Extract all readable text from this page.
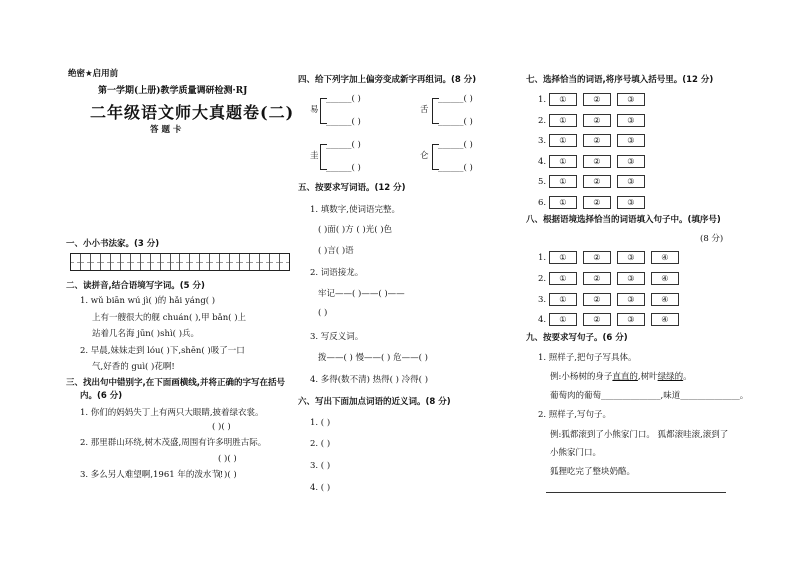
绝密★启用前
第一学期(上册)教学质量调研检测·RJ
二年级语文师大真题卷(二)
答 题 卡
一、小小书法家。(3 分)
二、读拼音,结合语境写字词。(5 分)
1. wǔ biān wú jì( )的 hǎi yáng( )
上有一艘很大的舰 chuán( ),甲 bǎn( )上
站着几名海 jūn( )shì( )兵。
2. 早晨,妹妹走到 lóu( )下,shēn( )吸了一口
气,好香的 guì( )花啊!
三、找出句中错别字,在下面画横线,并将正确的字写在括号
内。(6 分)
1. 你们的妈妈失丁上有两只大眼睛,披着绿衣裳。
( )( )
2. 那里群山环绕,树木茂盛,周围有许多明胜古际。
( )( )
3. 多么另人难望啊,1961 年的泼水节!
( )( )
四、给下列字加上偏旁变成新字再组词。(8 分)
易
______( )
______( )
舌
______( )
______( )
圭
______( )
______( )
仑
______( )
______( )
五、按要求写词语。(12 分)
1. 填数字,使词语完整。
( )面( )方 ( )光( )色
( )言( )语
2. 词语接龙。
牢记——( )——( )——
( )
3. 写反义词。
拨——( ) 慢——( ) 危——( )
4. 多得(数不清) 热得( ) 冷得( )
六、写出下面加点词语的近义词。(8 分)
1. ( )
2. ( )
3. ( )
4. ( )
七、选择恰当的词语,将序号填入括号里。(12 分)
1. ①	②	③
2. ①	②	③
3. ①	②	③
4. ①	②	③
5. ①	②	③
6. ①	②	③
八、根据语境选择恰当的词语填入句子中。(填序号)
(8 分)
1. ①	②	③	④
2. ①	②	③	④
3. ①	②	③	④
4. ①	②	③	④
九、按要求写句子。(6 分)
1. 照样子,把句子写具体。
例:小杨树的身子直直的,树叶绿绿的。
葡萄肉的葡萄______________,味道______________。
2. 照样子,写句子。
例:狐都滚到了小熊家门口。 狐都滚哇滚,滚到了
小熊家门口。
狐狸吃完了整块奶酪。
